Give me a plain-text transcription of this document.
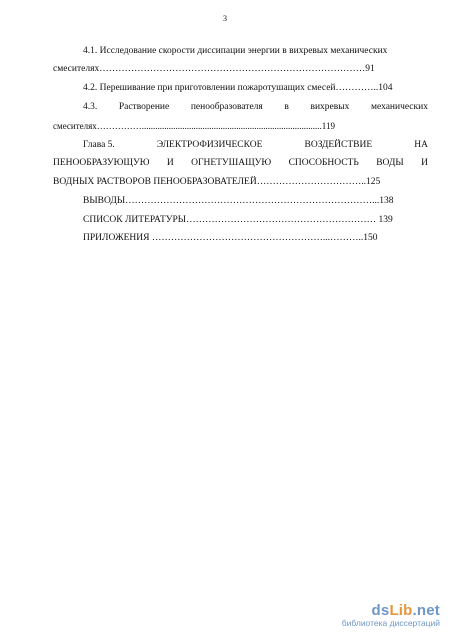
3
4.1. Исследование скорости диссипации энергии в вихревых механических
смесителях…………………………………………………………………………91
4.2. Перешивание при приготовлении пожаротушащих смесей…………..104
4.3. Растворение пенообразователя в вихревых механических
смесителях……………................................................................................119
Глава 5.	ЭЛЕКТРОФИЗИЧЕСКОЕ	ВОЗДЕЙСТВИЕ	НА
ПЕНООБРАЗУЮЩУЮ И ОГНЕТУШАЩУЮ СПОСОБНОСТЬ ВОДЫ И
ВОДНЫХ РАСТВОРОВ ПЕНООБРАЗОВАТЕЛЕЙ……………………………..125
ВЫВОДЫ……………………………………………………………………...138
СПИСОК ЛИТЕРАТУРЫ…………………………………………………… 139
ПРИЛОЖЕНИЯ ………………………………………………...………..150
dsLib.net
библиотека диссертаций
